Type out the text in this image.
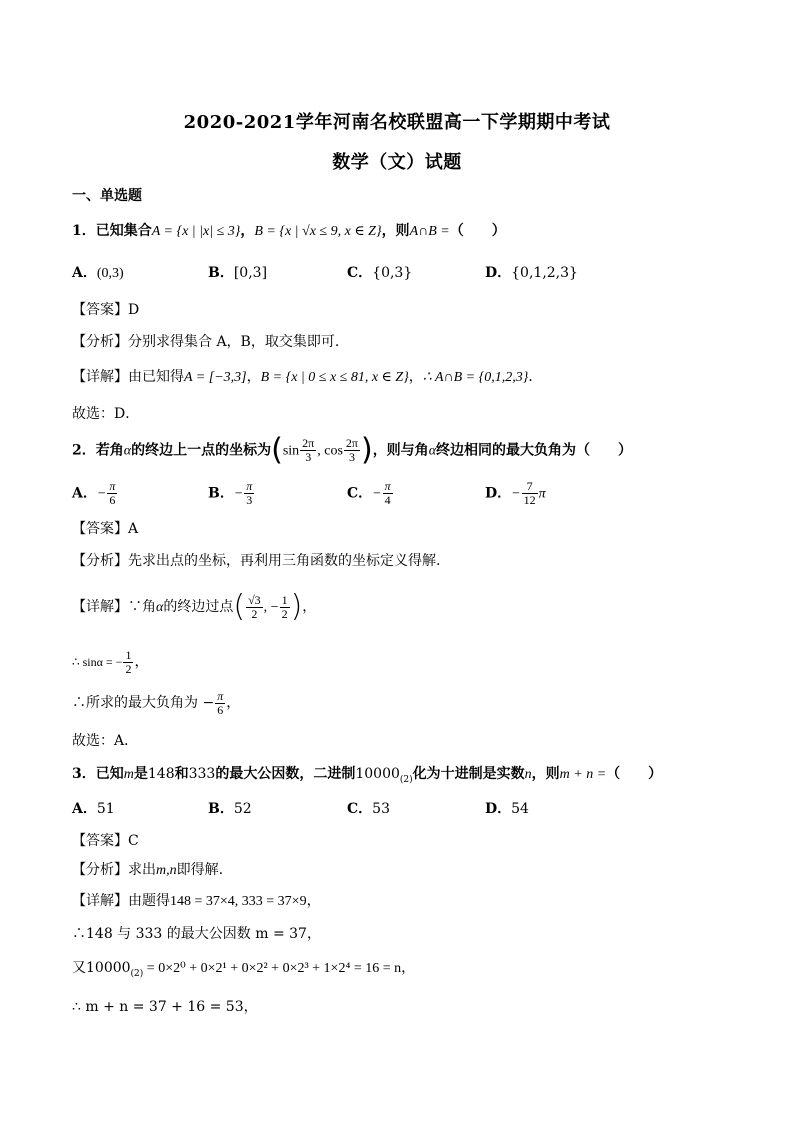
2020-2021学年河南名校联盟高一下学期期中考试
数学（文）试题
一、单选题
1．已知集合A = {x | |x| ≤ 3}，B = {x | √x ≤ 9, x ∈ Z}，则A∩B =（　　）
A．(0,3)	B．[0,3]	C．{0,3}	D．{0,1,2,3}
【答案】D
【分析】分别求得集合 A，B，取交集即可.
【详解】由已知得A = [−3,3]，B = {x | 0 ≤ x ≤ 81, x ∈ Z}，∴ A∩B = {0,1,2,3}．
故选：D．
2．若角α的终边上一点的坐标为($\sin \frac{2\pi}{3}$ , $\cos \frac{2\pi}{3}$ )，则与角α终边相同的最大负角为（　　）
A．− $\frac{\pi}{6}$	B．− $\frac{\pi}{3}$	C．− $\frac{\pi}{4}$	D．− $\frac{7}{12}$ π
【答案】A
【分析】先求出点的坐标，再利用三角函数的坐标定义得解.
【详解】∵角α的终边过点( $\frac{√3}{2}$ , − $\frac{1}{2}$ )，
∴ sinα = − $\frac{1}{2}$ ，
∴所求的最大负角为 − $\frac{\pi}{6}$ ，
故选：A．
3．已知m是148和333的最大公因数，二进制$10000_{(2)}$化为十进制是实数n，则m + n =（　　）
A．51	B．52	C．53	D．54
【答案】C
【分析】求出m,n即得解.
【详解】由题得148 = 37×4, 333 = 37×9，
∴148 与 333 的最大公因数 m = 37，
又$10000_{(2)} = 0\times 2^0 + 0\times 2^1 + 0\times 2^2 + 0\times 2^3 + 1\times 2^4 = 16 = n$，
∴ m + n = 37 + 16 = 53，
